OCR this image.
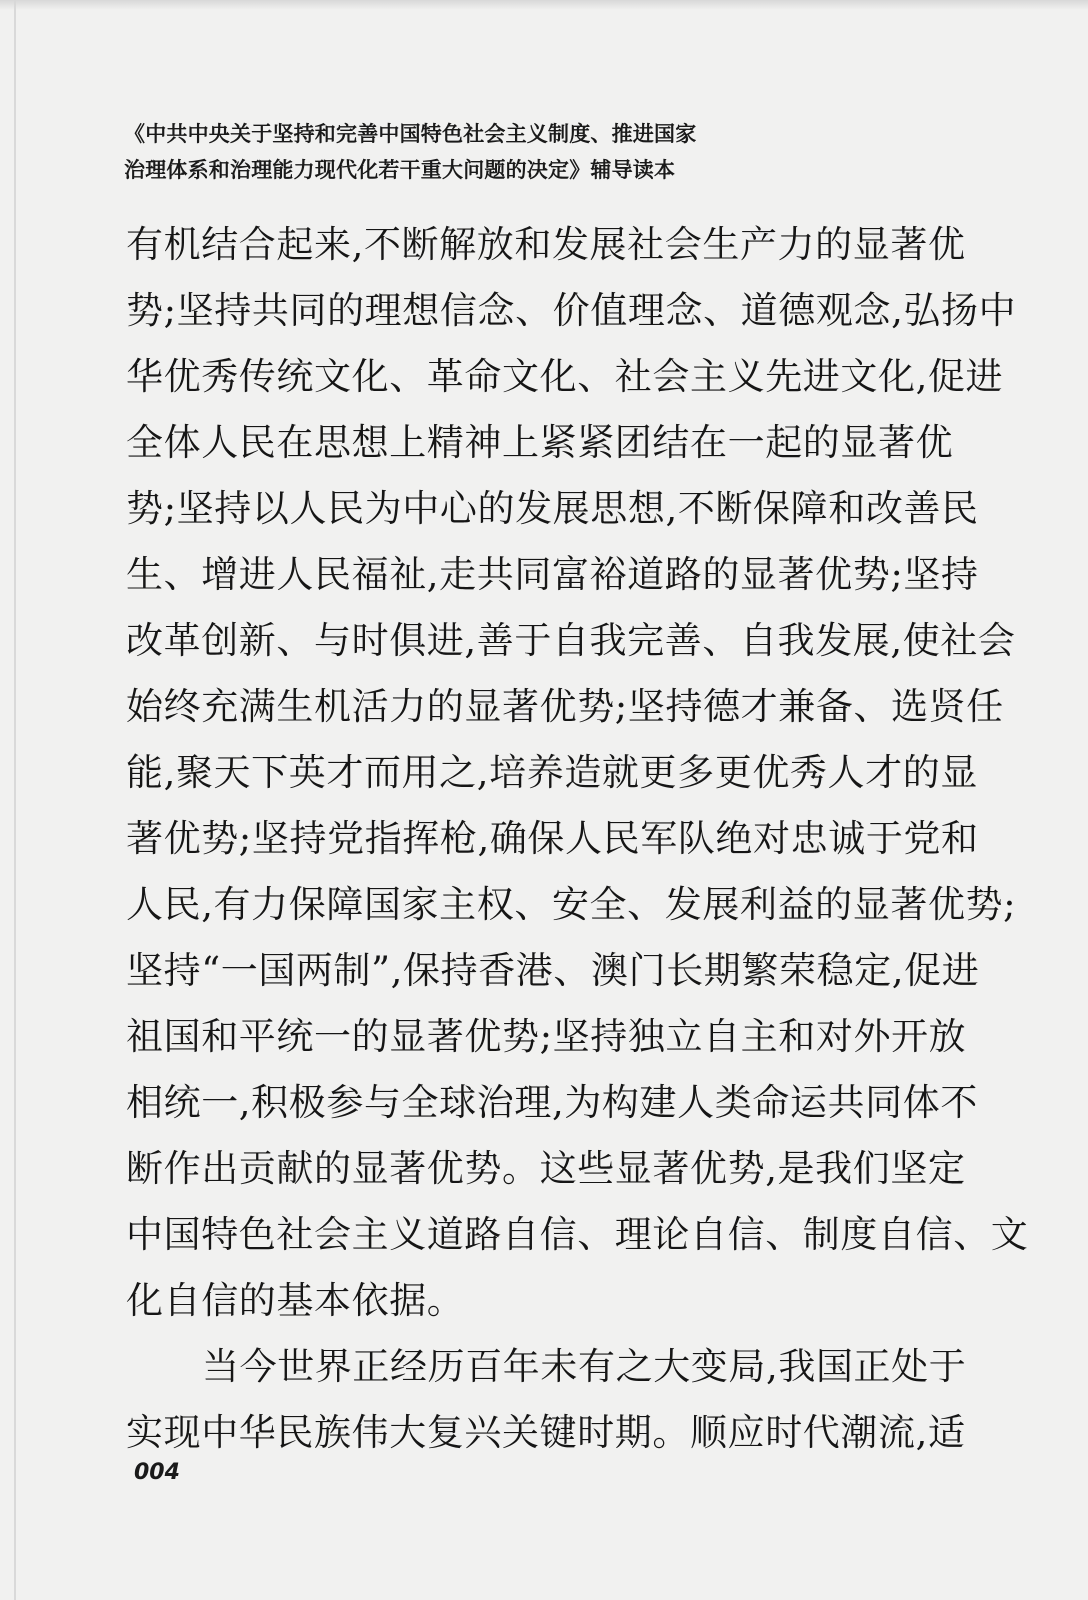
《中共中央关于坚持和完善中国特色社会主义制度、推进国家
治理体系和治理能力现代化若干重大问题的决定》辅导读本
有机结合起来,不断解放和发展社会生产力的显著优
势;坚持共同的理想信念、价值理念、道德观念,弘扬中
华优秀传统文化、革命文化、社会主义先进文化,促进
全体人民在思想上精神上紧紧团结在一起的显著优
势;坚持以人民为中心的发展思想,不断保障和改善民
生、增进人民福祉,走共同富裕道路的显著优势;坚持
改革创新、与时俱进,善于自我完善、自我发展,使社会
始终充满生机活力的显著优势;坚持德才兼备、选贤任
能,聚天下英才而用之,培养造就更多更优秀人才的显
著优势;坚持党指挥枪,确保人民军队绝对忠诚于党和
人民,有力保障国家主权、安全、发展利益的显著优势;
坚持“一国两制”,保持香港、澳门长期繁荣稳定,促进
祖国和平统一的显著优势;坚持独立自主和对外开放
相统一,积极参与全球治理,为构建人类命运共同体不
断作出贡献的显著优势。这些显著优势,是我们坚定
中国特色社会主义道路自信、理论自信、制度自信、文
化自信的基本依据。
当今世界正经历百年未有之大变局,我国正处于
实现中华民族伟大复兴关键时期。顺应时代潮流,适
004
